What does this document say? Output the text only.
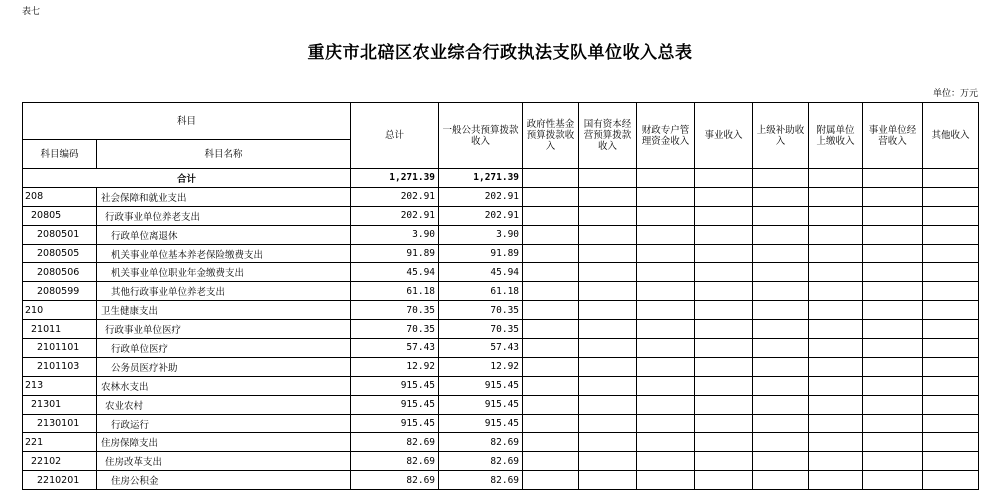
表七
重庆市北碚区农业综合行政执法支队单位收入总表
单位：万元
科目		总计	一般公共预算拨款收入	政府性基金预算拨款收入	国有资本经营预算拨款收入	财政专户管理资金收入	事业收入	上级补助收入	附属单位上缴收入	事业单位经营收入	其他收入
科目编码	科目名称										
合计		1,271.39	1,271.39								
208	社会保障和就业支出	202.91	202.91								
20805	行政事业单位养老支出	202.91	202.91								
2080501	行政单位离退休	3.90	3.90								
2080505	机关事业单位基本养老保险缴费支出	91.89	91.89								
2080506	机关事业单位职业年金缴费支出	45.94	45.94								
2080599	其他行政事业单位养老支出	61.18	61.18								
210	卫生健康支出	70.35	70.35								
21011	行政事业单位医疗	70.35	70.35								
2101101	行政单位医疗	57.43	57.43								
2101103	公务员医疗补助	12.92	12.92								
213	农林水支出	915.45	915.45								
21301	农业农村	915.45	915.45								
2130101	行政运行	915.45	915.45								
221	住房保障支出	82.69	82.69								
22102	住房改革支出	82.69	82.69								
2210201	住房公积金	82.69	82.69								
